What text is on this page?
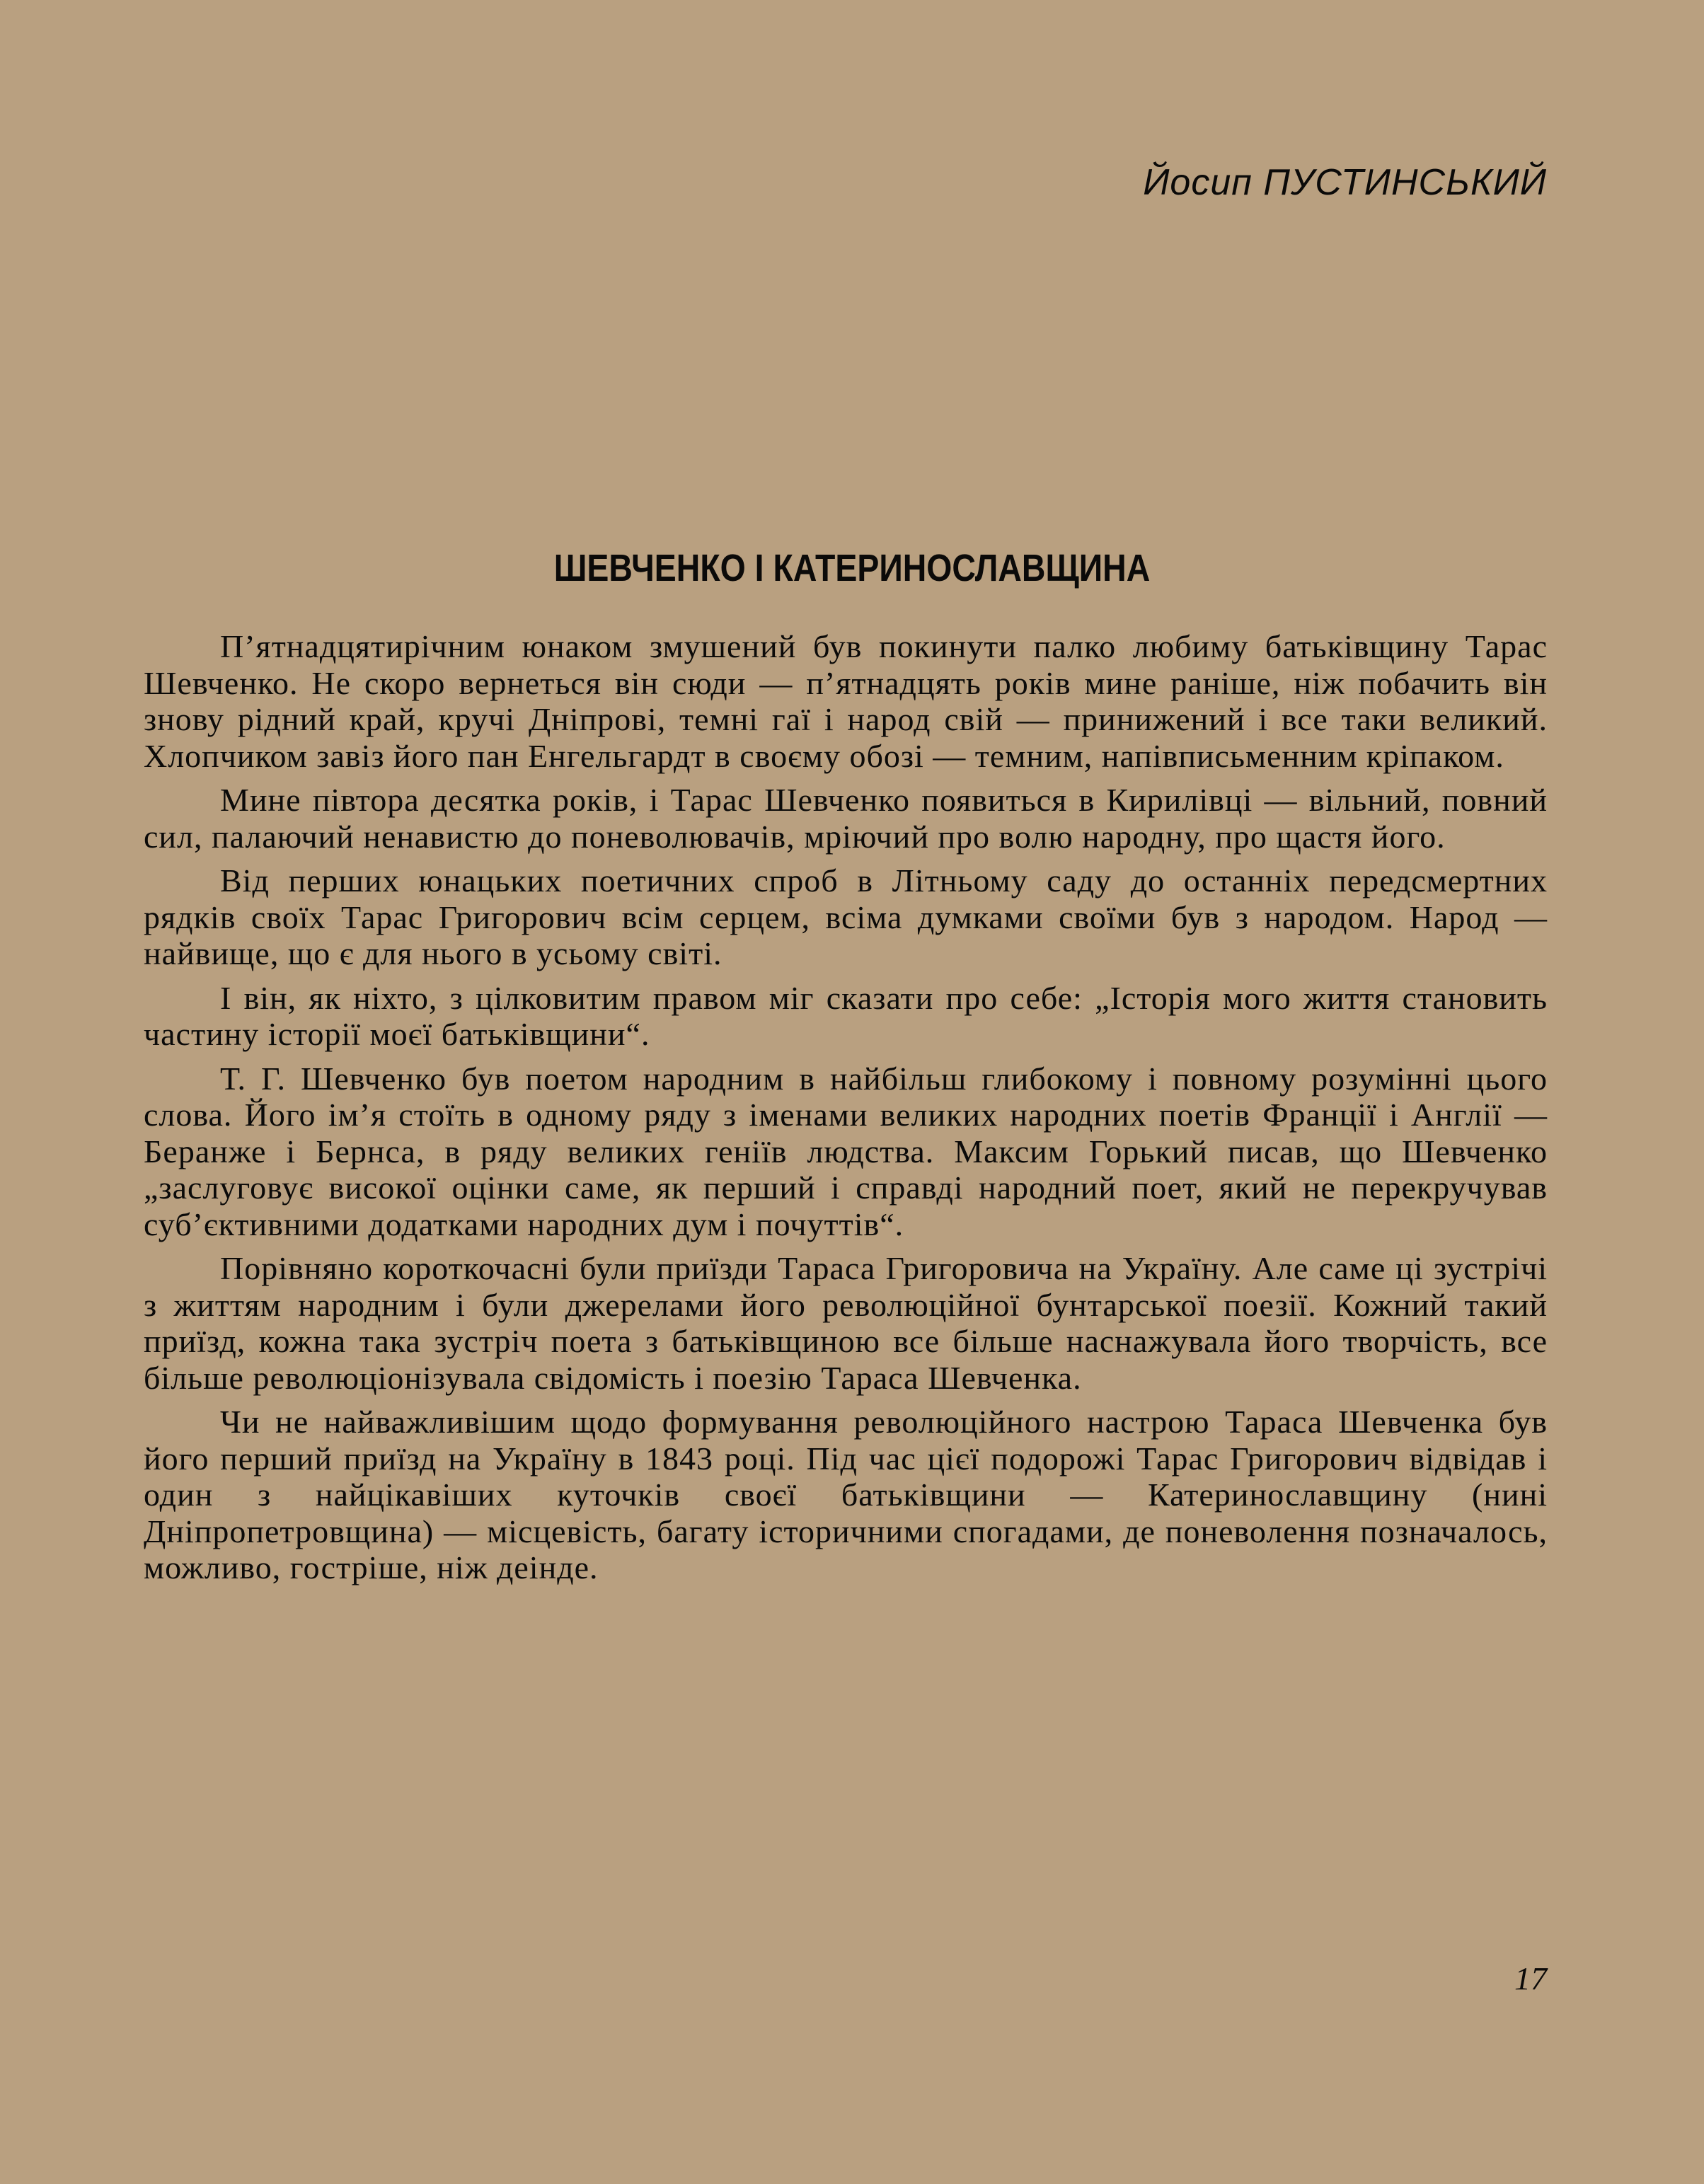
Йосип ПУСТИНСЬКИЙ
ШЕВЧЕНКО І КАТЕРИНОСЛАВЩИНА

П’ятнадцятирічним юнаком змушений був покинути палко любиму батьківщину Тарас Шевченко. Не скоро вернеться він сюди — п’ятнадцять років мине раніше, ніж побачить він знову рідний край, кручі Дніпрові, темні гаї і народ свій — принижений і все таки великий. Хлопчиком завіз його пан Енгельгардт в своєму обозі — темним, напівписьменним кріпаком.

Мине півтора десятка років, і Тарас Шевченко появиться в Кирилівці — вільний, повний сил, палаючий ненавистю до поневолювачів, мріючий про волю народну, про щастя його.

Від перших юнацьких поетичних спроб в Літньому саду до останніх передсмертних рядків своїх Тарас Григорович всім серцем, всіма думками своїми був з народом. Народ — найвище, що є для нього в усьому світі.

І він, як ніхто, з цілковитим правом міг сказати про себе: „Історія мого життя становить частину історії моєї батьківщини“.

Т. Г. Шевченко був поетом народним в найбільш глибокому і повному розумінні цього слова. Його ім’я стоїть в одному ряду з іменами великих народних поетів Франції і Англії — Беранже і Бернса, в ряду великих геніїв людства. Максим Горький писав, що Шевченко „заслуговує високої оцінки саме, як перший і справді народний поет, який не перекручував суб’єктивними додатками народних дум і почуттів“.

Порівняно короткочасні були приїзди Тараса Григоровича на Україну. Але саме ці зустрічі з життям народним і були джерелами його революційної бунтарської поезії. Кожний такий приїзд, кожна така зустріч поета з батьківщиною все більше наснажувала його творчість, все більше революціонізувала свідомість і поезію Тараса Шевченка.

Чи не найважливішим щодо формування революційного настрою Тараса Шевченка був його перший приїзд на Україну в 1843 році. Під час цієї подорожі Тарас Григорович відвідав і один з найцікавіших куточків своєї батьківщини — Катеринославщину (нині Дніпропетровщина) — місцевість, багату історичними спогадами, де поневолення позначалось, можливо, гостріше, ніж деінде.

17
